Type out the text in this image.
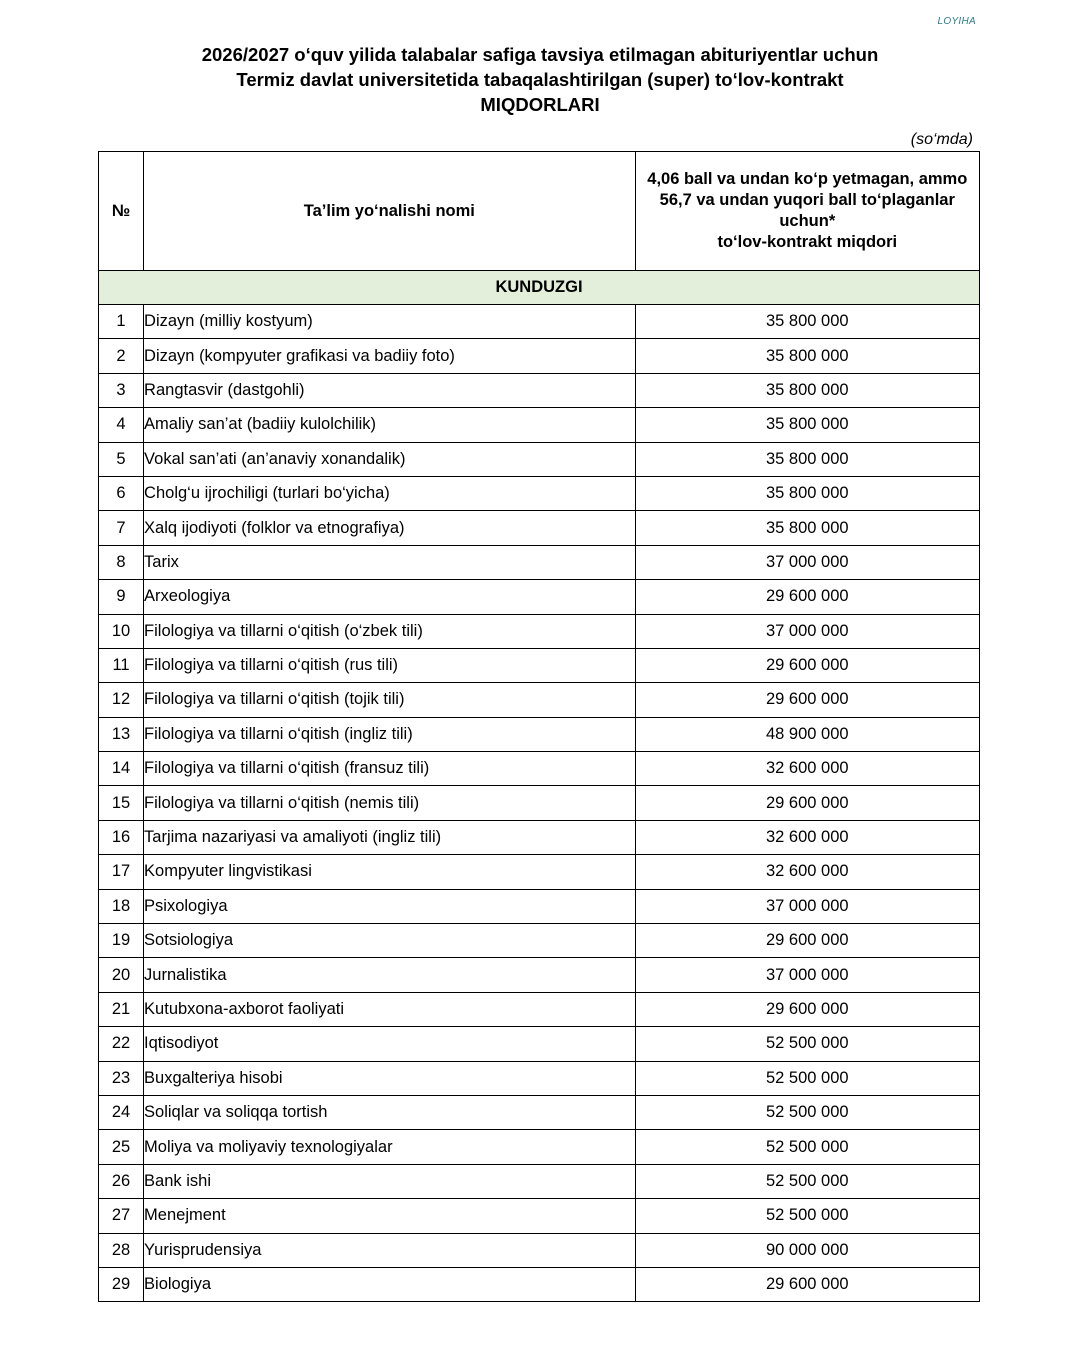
LOYIHA
2026/2027 o‘quv yilida talabalar safiga tavsiya etilmagan abituriyentlar uchun
Termiz davlat universitetida tabaqalashtirilgan (super) to‘lov-kontrakt
MIQDORLARI
(so‘mda)
№	Ta’lim yo‘nalishi nomi	4,06 ball va undan ko‘p yetmagan, ammo
56,7 va undan yuqori ball to‘plaganlar
uchun*
to‘lov-kontrakt miqdori

KUNDUZGI		
1	Dizayn (milliy kostyum)	35 800 000
2	Dizayn (kompyuter grafikasi va badiiy foto)	35 800 000
3	Rangtasvir (dastgohli)	35 800 000
4	Amaliy san’at (badiiy kulolchilik)	35 800 000
5	Vokal san’ati (an’anaviy xonandalik)	35 800 000
6	Cholg‘u ijrochiligi (turlari bo‘yicha)	35 800 000
7	Xalq ijodiyoti (folklor va etnografiya)	35 800 000
8	Tarix	37 000 000
9	Arxeologiya	29 600 000
10	Filologiya va tillarni o‘qitish (o‘zbek tili)	37 000 000
11	Filologiya va tillarni o‘qitish (rus tili)	29 600 000
12	Filologiya va tillarni o‘qitish (tojik tili)	29 600 000
13	Filologiya va tillarni o‘qitish (ingliz tili)	48 900 000
14	Filologiya va tillarni o‘qitish (fransuz tili)	32 600 000
15	Filologiya va tillarni o‘qitish (nemis tili)	29 600 000
16	Tarjima nazariyasi va amaliyoti (ingliz tili)	32 600 000
17	Kompyuter lingvistikasi	32 600 000
18	Psixologiya	37 000 000
19	Sotsiologiya	29 600 000
20	Jurnalistika	37 000 000
21	Kutubxona-axborot faoliyati	29 600 000
22	Iqtisodiyot	52 500 000
23	Buxgalteriya hisobi	52 500 000
24	Soliqlar va soliqqa tortish	52 500 000
25	Moliya va moliyaviy texnologiyalar	52 500 000
26	Bank ishi	52 500 000
27	Menejment	52 500 000
28	Yurisprudensiya	90 000 000
29	Biologiya	29 600 000
